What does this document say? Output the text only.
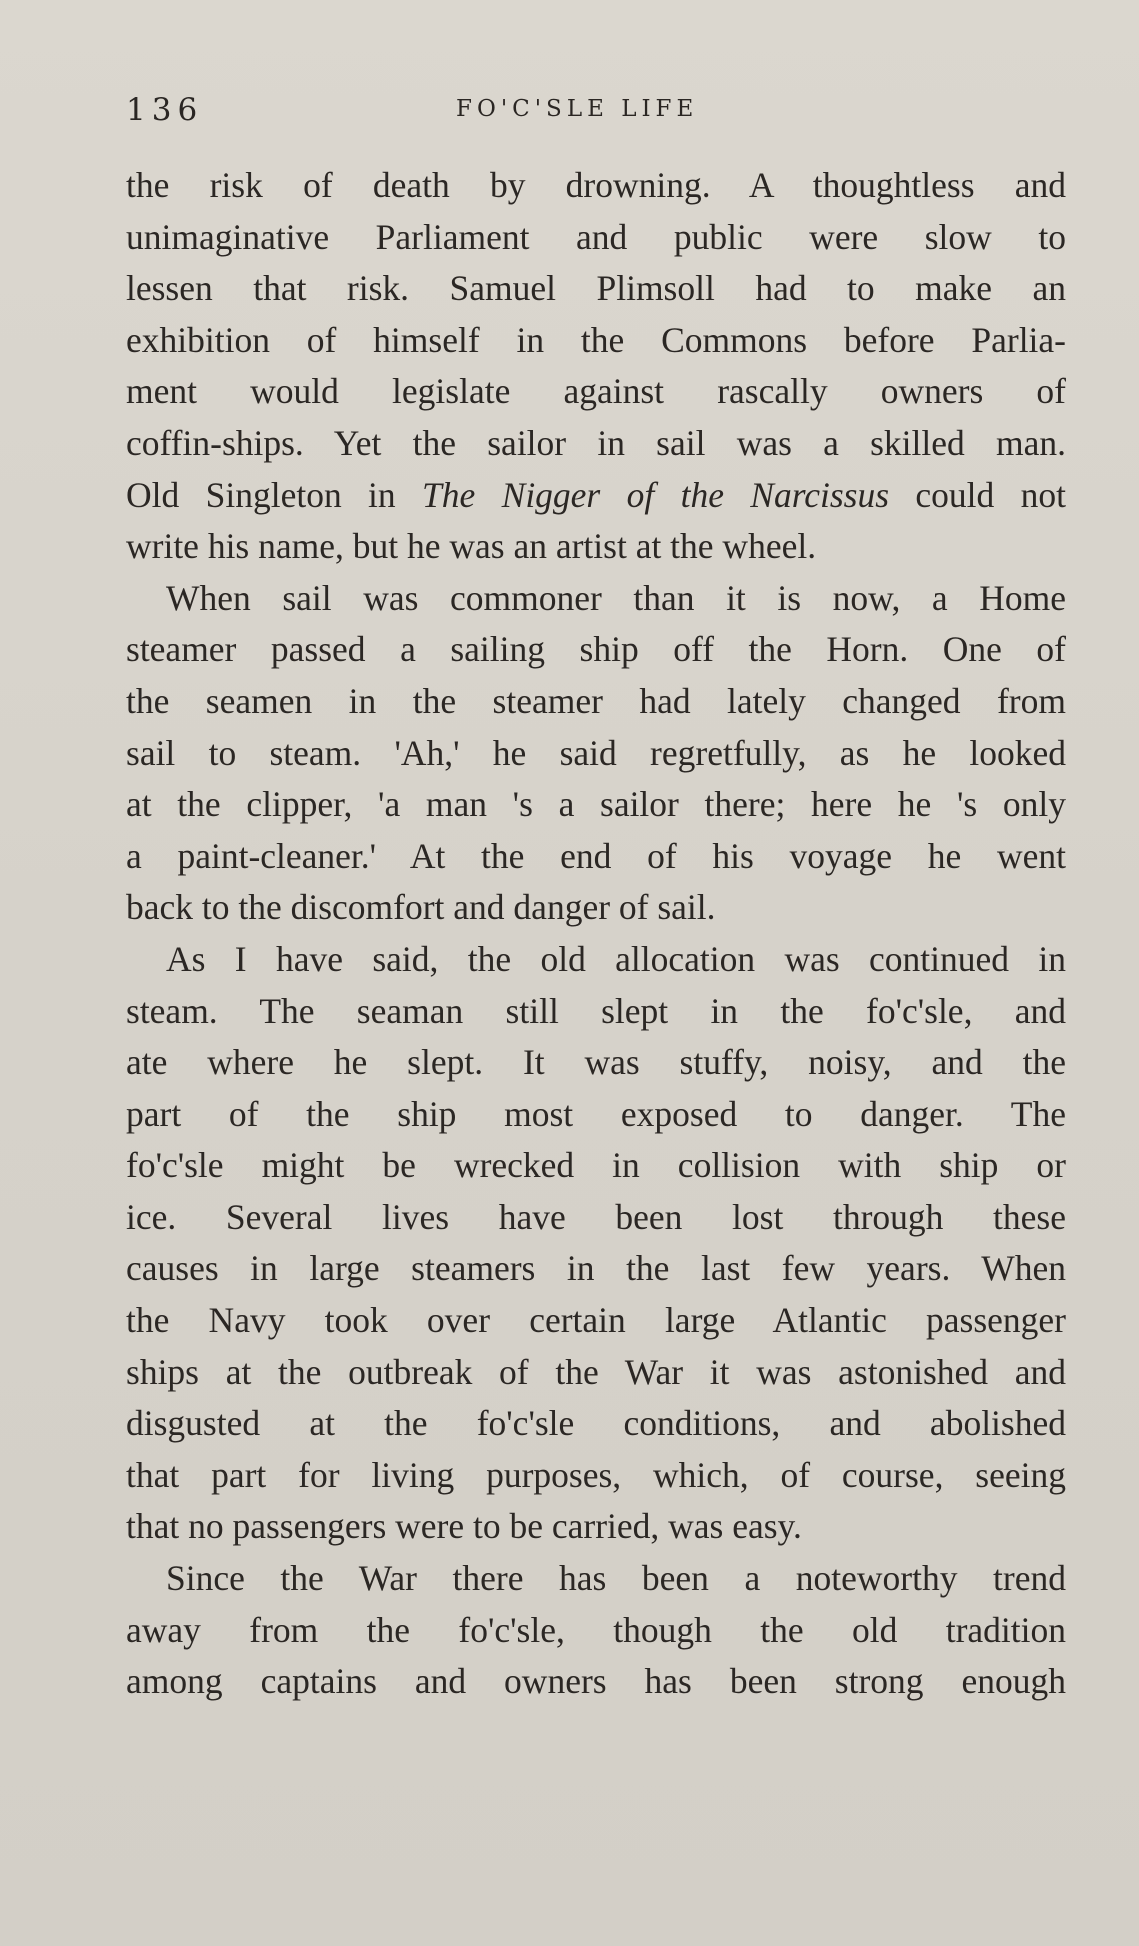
136	FO'C'SLE LIFE
the risk of death by drowning. A thoughtless and
unimaginative Parliament and public were slow to
lessen that risk. Samuel Plimsoll had to make an
exhibition of himself in the Commons before Parlia-
ment would legislate against rascally owners of
coffin-ships. Yet the sailor in sail was a skilled man.
Old Singleton in The Nigger of the Narcissus could not
write his name, but he was an artist at the wheel.
When sail was commoner than it is now, a Home
steamer passed a sailing ship off the Horn. One of
the seamen in the steamer had lately changed from
sail to steam. 'Ah,' he said regretfully, as he looked
at the clipper, 'a man 's a sailor there; here he 's only
a paint-cleaner.' At the end of his voyage he went
back to the discomfort and danger of sail.
As I have said, the old allocation was continued in
steam. The seaman still slept in the fo'c'sle, and
ate where he slept. It was stuffy, noisy, and the
part of the ship most exposed to danger. The
fo'c'sle might be wrecked in collision with ship or
ice. Several lives have been lost through these
causes in large steamers in the last few years. When
the Navy took over certain large Atlantic passenger
ships at the outbreak of the War it was astonished and
disgusted at the fo'c'sle conditions, and abolished
that part for living purposes, which, of course, seeing
that no passengers were to be carried, was easy.
Since the War there has been a noteworthy trend
away from the fo'c'sle, though the old tradition
among captains and owners has been strong enough
